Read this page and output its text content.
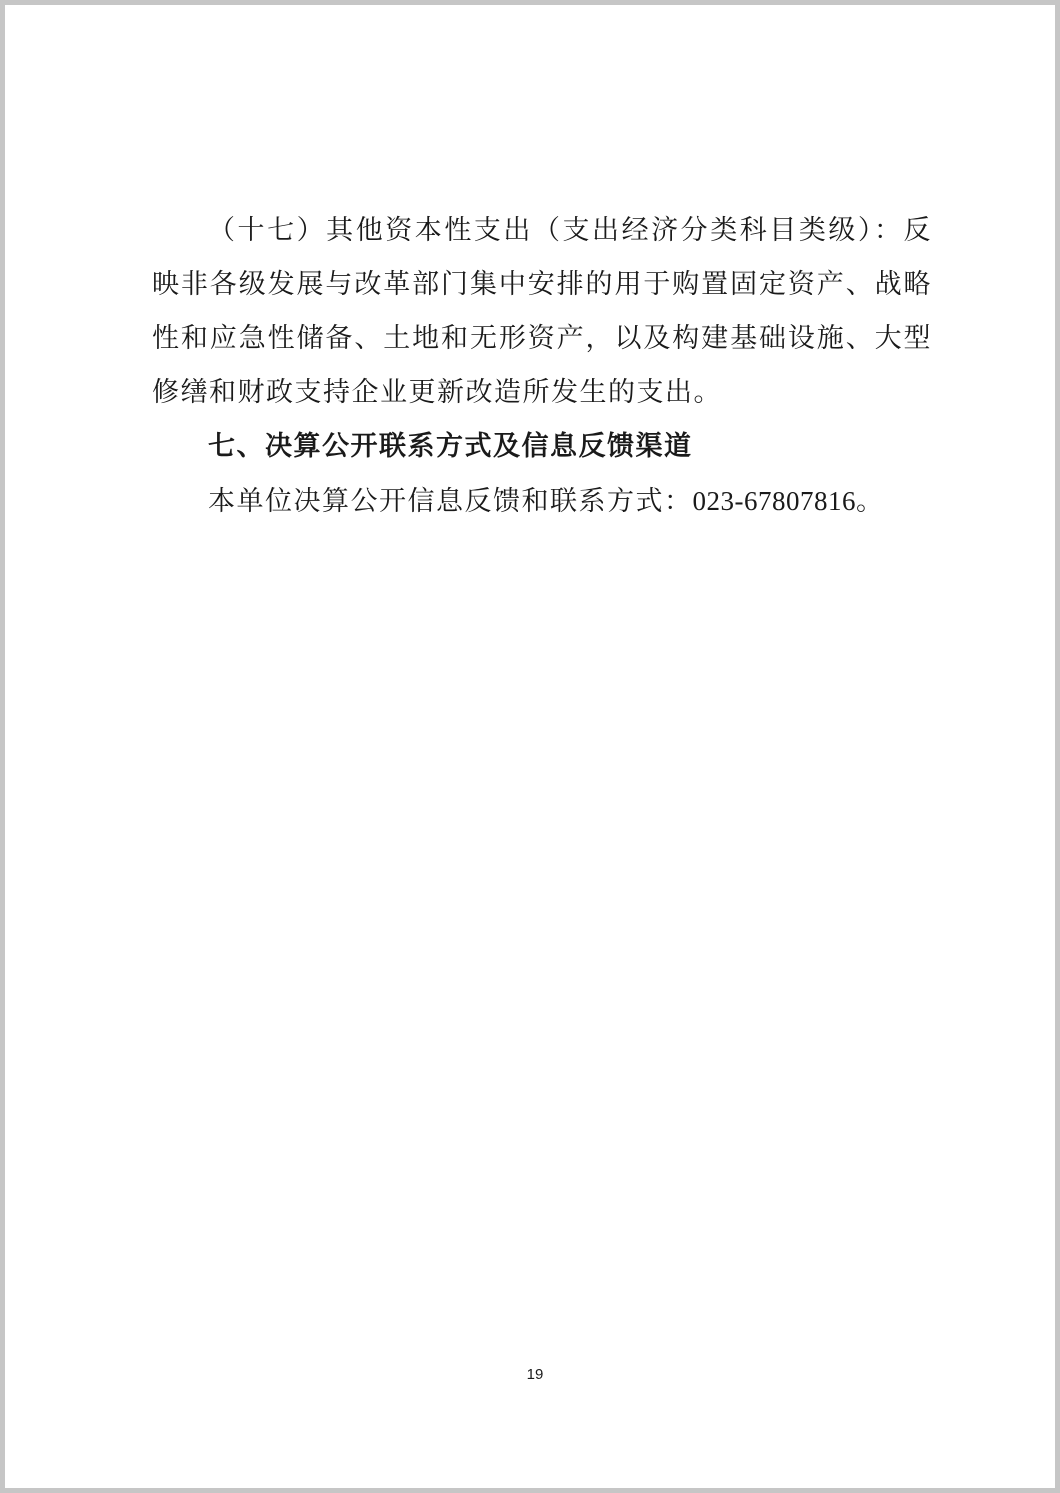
（十七）其他资本性支出（支出经济分类科目类级）：反映非各级发展与改革部门集中安排的用于购置固定资产、战略性和应急性储备、土地和无形资产，以及构建基础设施、大型修缮和财政支持企业更新改造所发生的支出。

七、决算公开联系方式及信息反馈渠道

本单位决算公开信息反馈和联系方式：023-67807816。

19
